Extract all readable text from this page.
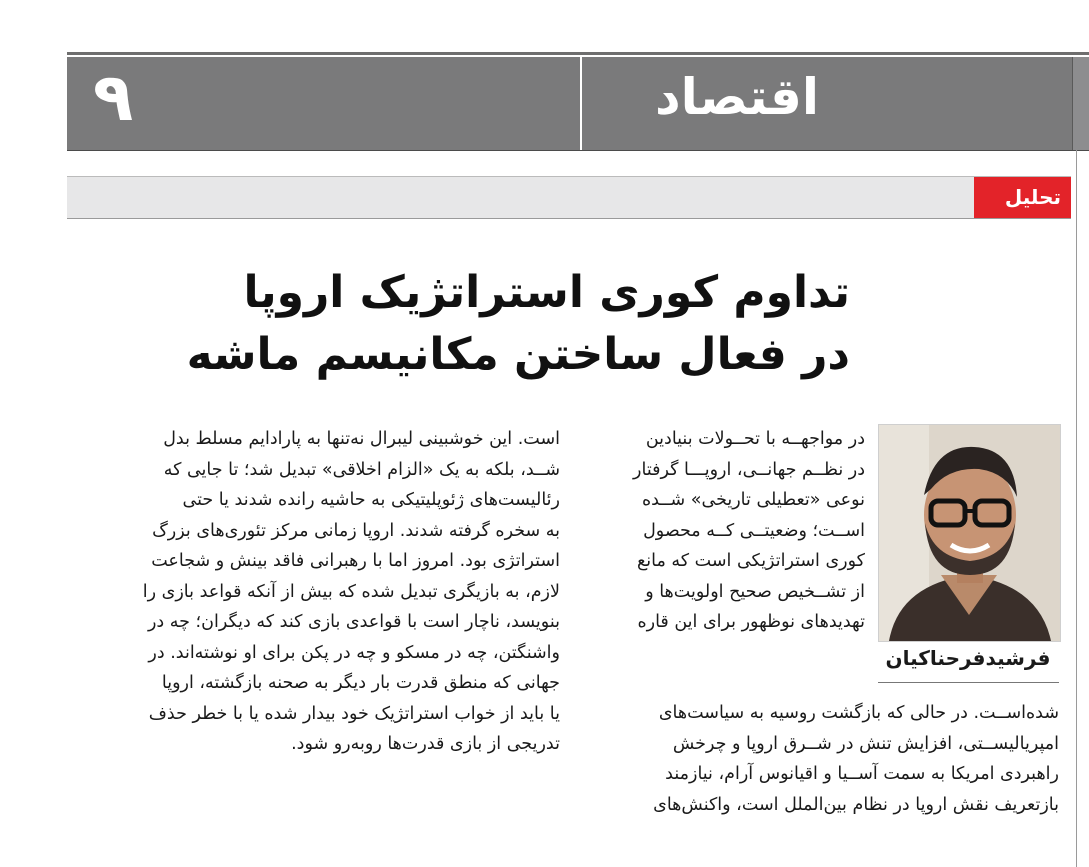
۹	اقتصاد
تحلیل
تداوم کوری استراتژیک اروپا
در فعال ساختن مکانیسم ماشه
فرشیدفرحناکیان
در مواجهــه با تحــولات بنیادین
در نظــم جهانــی، اروپـــا گرفتار
نوعی «تعطیلی تاریخی» شــده
اســت؛ وضعیتــی کــه محصول
کوری استراتژیکی است که مانع
از تشــخیص صحیح اولویت‌ها و
تهدیدهای نوظهور برای این قاره
شده‌اســت. در حالی که بازگشت روسیه به سیاست‌های
امپریالیســتی، افزایش تنش در شــرق اروپا و چرخش
راهبردی امریکا به سمت آســیا و اقیانوس آرام، نیازمند
بازتعریف نقش اروپا در نظام بین‌الملل است، واکنش‌های
است. این خوشبینی لیبرال نه‌تنها به پارادایم مسلط بدل
شــد، بلکه به یک «الزام اخلاقی» تبدیل شد؛ تا جایی که
رئالیست‌های ژئوپلیتیکی به حاشیه رانده شدند یا حتی
به سخره گرفته شدند. اروپا زمانی مرکز تئوری‌های بزرگ
استراتژی بود. امروز اما با رهبرانی فاقد بینش و شجاعت
لازم، به بازیگری تبدیل شده که بیش از آنکه قواعد بازی را
بنویسد، ناچار است با قواعدی بازی کند که دیگران؛ چه در
واشنگتن، چه در مسکو و چه در پکن برای او نوشته‌اند. در
جهانی که منطق قدرت بار دیگر به صحنه بازگشته، اروپا
یا باید از خواب استراتژیک خود بیدار شده یا با خطر حذف
تدریجی از بازی قدرت‌ها روبه‌رو شود.
